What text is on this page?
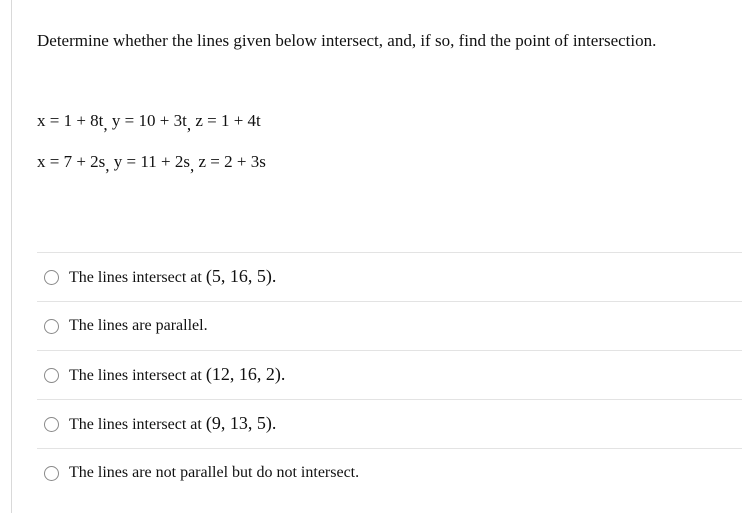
Determine whether the lines given below intersect, and, if so, find the point of intersection.
x = 1 + 8t, y = 10 + 3t, z = 1 + 4t
x = 7 + 2s, y = 11 + 2s, z = 2 + 3s
The lines intersect at (5, 16, 5).
The lines are parallel.
The lines intersect at (12, 16, 2).
The lines intersect at (9, 13, 5).
The lines are not parallel but do not intersect.
